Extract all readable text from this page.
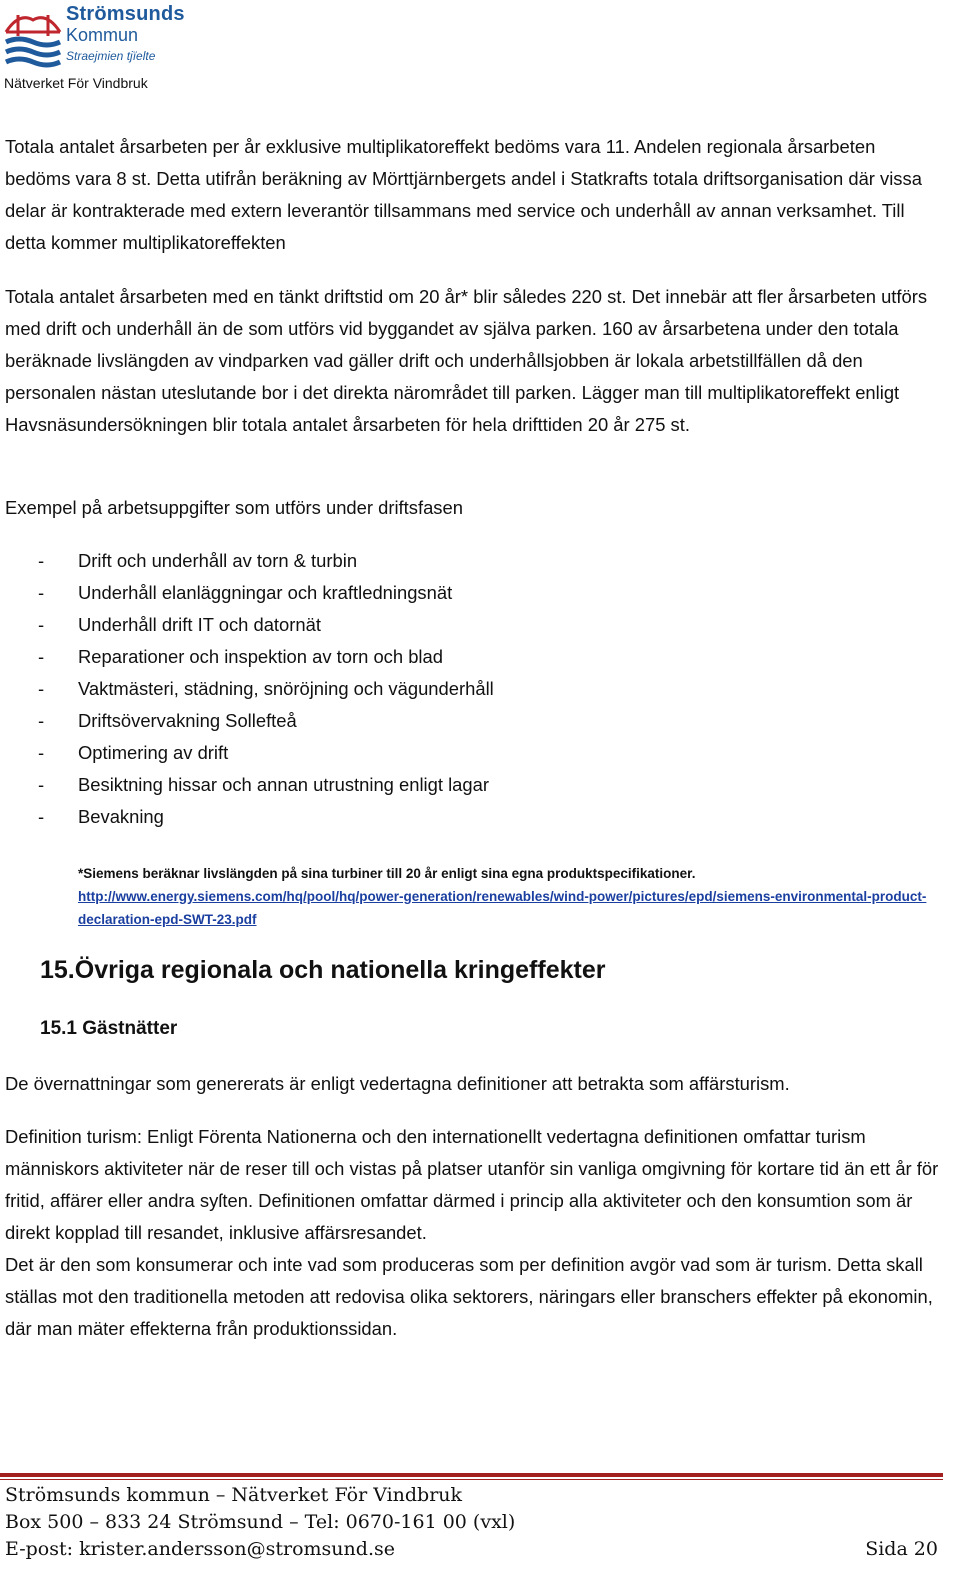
Strömsunds
Kommun
Straejmien tjïelte
Nätverket För Vindbruk

Totala antalet årsarbeten per år exklusive multiplikatoreffekt bedöms vara 11. Andelen regionala årsarbeten bedöms vara 8 st. Detta utifrån beräkning av Mörttjärnbergets andel i Statkrafts totala driftsorganisation där vissa delar är kontrakterade med extern leverantör tillsammans med service och underhåll av annan verksamhet. Till detta kommer multiplikatoreffekten

Totala antalet årsarbeten med en tänkt driftstid om 20 år* blir således 220 st. Det innebär att fler årsarbeten utförs med drift och underhåll än de som utförs vid byggandet av själva parken. 160 av årsarbetena under den totala beräknade livslängden av vindparken vad gäller drift och underhållsjobben är lokala arbetstillfällen då den personalen nästan uteslutande bor i det direkta närområdet till parken. Lägger man till multiplikatoreffekt enligt Havsnäsundersökningen blir totala antalet årsarbeten för hela drifttiden 20 år 275 st.

Exempel på arbetsuppgifter som utförs under driftsfasen

-	Drift och underhåll av torn & turbin
-	Underhåll elanläggningar och kraftledningsnät
-	Underhåll drift IT och datornät
-	Reparationer och inspektion av torn och blad
-	Vaktmästeri, städning, snöröjning och vägunderhåll
-	Driftsövervakning Sollefteå
-	Optimering av drift
-	Besiktning hissar och annan utrustning enligt lagar
-	Bevakning
*Siemens beräknar livslängden på sina turbiner till 20 år enligt sina egna produktspecifikationer.
http://www.energy.siemens.com/hq/pool/hq/power-generation/renewables/wind-power/pictures/epd/siemens-environmental-product-declaration-epd-SWT-23.pdf
15.Övriga regionala och nationella kringeffekter
15.1 Gästnätter

De övernattningar som genererats är enligt vedertagna definitioner att betrakta som affärsturism.

Definition turism: Enligt Förenta Nationerna och den internationellt vedertagna definitionen omfattar turism människors aktiviteter när de reser till och vistas på platser utanför sin vanliga omgivning för kortare tid än ett år för fritid, affärer eller andra syſten. Definitionen omfattar därmed i princip alla aktiviteter och den konsumtion som är direkt kopplad till resandet, inklusive affärsresandet.

Det är den som konsumerar och inte vad som produceras som per definition avgör vad som är turism. Detta skall ställas mot den traditionella metoden att redovisa olika sektorers, näringars eller branschers effekter på ekonomin, där man mäter effekterna från produktionssidan.

Strömsunds kommun – Nätverket För Vindbruk
Box 500 – 833 24 Strömsund – Tel: 0670-161 00 (vxl)
E-post: krister.andersson@stromsund.se	Sida 20
